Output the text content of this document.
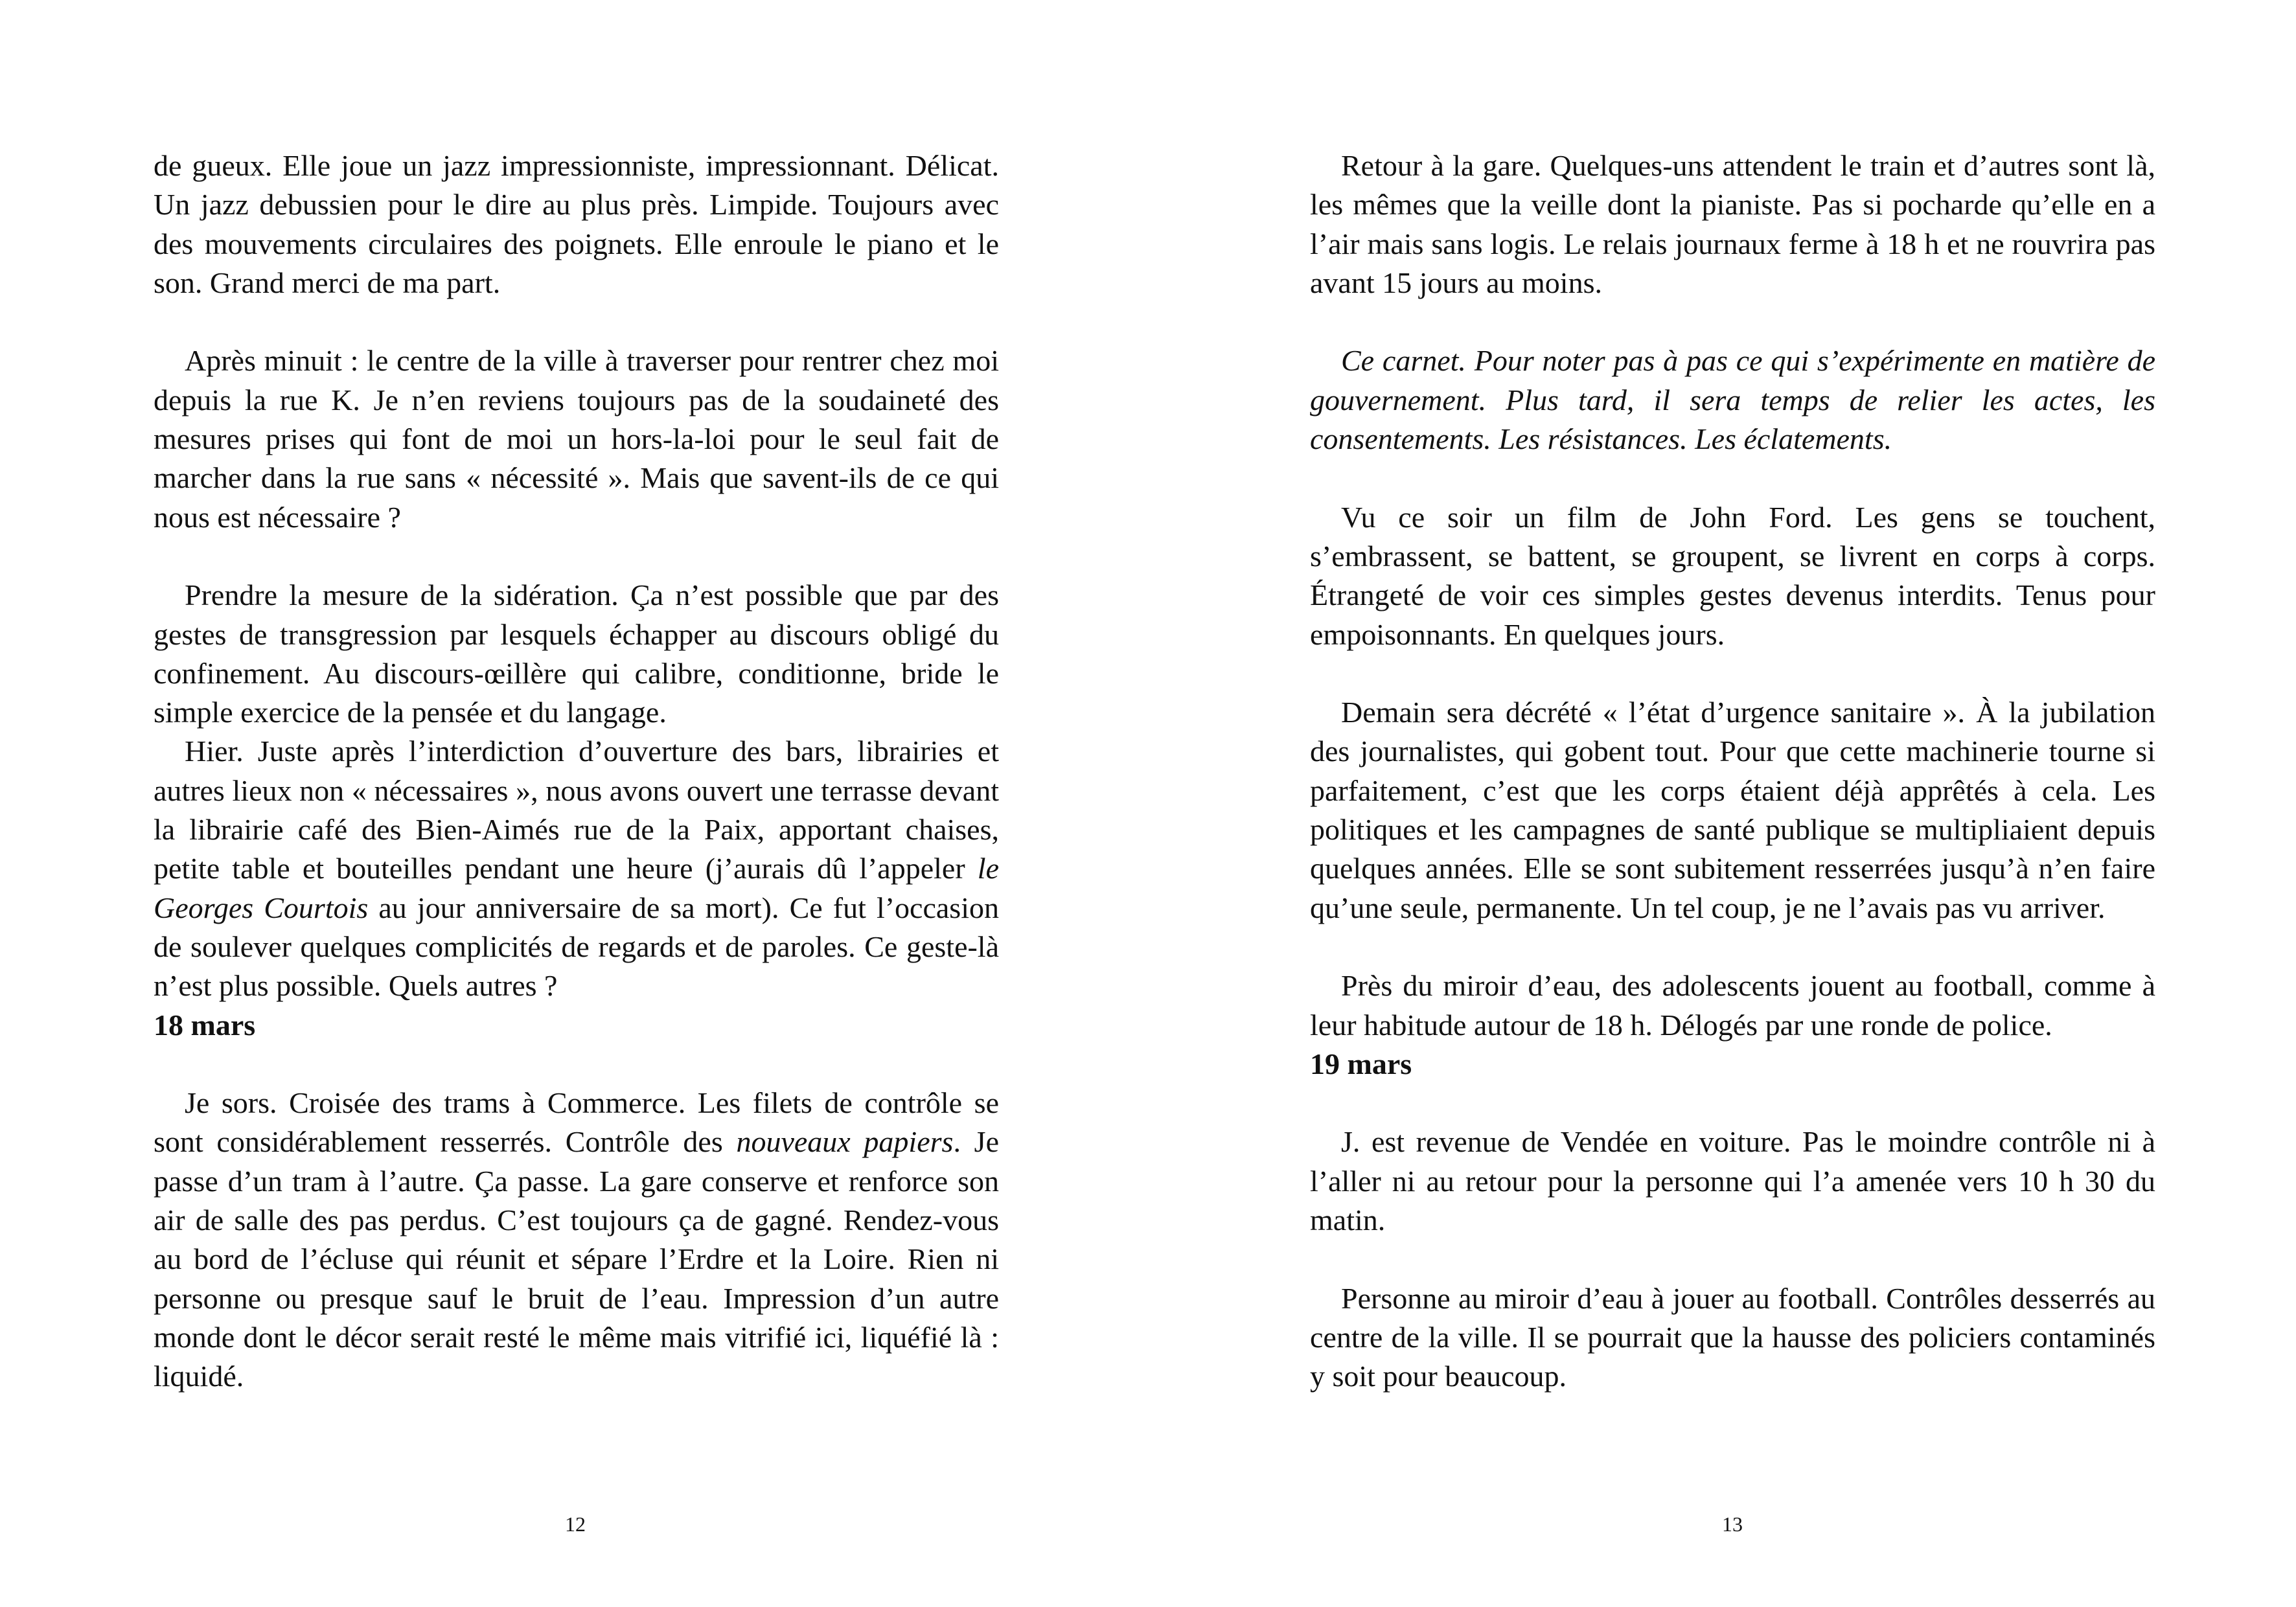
de gueux. Elle joue un jazz impressionniste, impressionnant. Délicat. Un jazz debussien pour le dire au plus près. Limpide. Toujours avec des mouvements circulaires des poignets. Elle enroule le piano et le son. Grand merci de ma part.

Après minuit : le centre de la ville à traverser pour rentrer chez moi depuis la rue K. Je n’en reviens toujours pas de la soudaineté des mesures prises qui font de moi un hors-la-loi pour le seul fait de marcher dans la rue sans « nécessité ». Mais que savent-ils de ce qui nous est nécessaire ?

Prendre la mesure de la sidération. Ça n’est possible que par des gestes de transgression par lesquels échapper au discours obligé du confinement. Au discours-œillère qui calibre, conditionne, bride le simple exercice de la pensée et du langage.

Hier. Juste après l’interdiction d’ouverture des bars, librairies et autres lieux non « nécessaires », nous avons ouvert une terrasse devant la librairie café des Bien-Aimés rue de la Paix, apportant chaises, petite table et bouteilles pendant une heure (j’aurais dû l’appeler le Georges Courtois au jour anniversaire de sa mort). Ce fut l’occasion de soulever quelques complicités de regards et de paroles. Ce geste-là n’est plus possible. Quels autres ?

18 mars

Je sors. Croisée des trams à Commerce. Les filets de contrôle se sont considérablement resserrés. Contrôle des nouveaux papiers. Je passe d’un tram à l’autre. Ça passe. La gare conserve et renforce son air de salle des pas perdus. C’est toujours ça de gagné. Rendez-vous au bord de l’écluse qui réunit et sépare l’Erdre et la Loire. Rien ni personne ou presque sauf le bruit de l’eau. Impression d’un autre monde dont le décor serait resté le même mais vitrifié ici, liquéfié là : liquidé.

12

Retour à la gare. Quelques-uns attendent le train et d’autres sont là, les mêmes que la veille dont la pianiste. Pas si pocharde qu’elle en a l’air mais sans logis. Le relais journaux ferme à 18 h et ne rouvrira pas avant 15 jours au moins.

Ce carnet. Pour noter pas à pas ce qui s’expérimente en matière de gouvernement. Plus tard, il sera temps de relier les actes, les consentements. Les résistances. Les éclatements.

Vu ce soir un film de John Ford. Les gens se touchent, s’embrassent, se battent, se groupent, se livrent en corps à corps. Étrangeté de voir ces simples gestes devenus interdits. Tenus pour empoisonnants. En quelques jours.

Demain sera décrété « l’état d’urgence sanitaire ». À la jubilation des journalistes, qui gobent tout. Pour que cette machinerie tourne si parfaitement, c’est que les corps étaient déjà apprêtés à cela. Les politiques et les campagnes de santé publique se multipliaient depuis quelques années. Elle se sont subitement resserrées jusqu’à n’en faire qu’une seule, permanente. Un tel coup, je ne l’avais pas vu arriver.

Près du miroir d’eau, des adolescents jouent au football, comme à leur habitude autour de 18 h. Délogés par une ronde de police.

19 mars

J. est revenue de Vendée en voiture. Pas le moindre contrôle ni à l’aller ni au retour pour la personne qui l’a amenée vers 10 h 30 du matin.

Personne au miroir d’eau à jouer au football. Contrôles desserrés au centre de la ville. Il se pourrait que la hausse des policiers contaminés y soit pour beaucoup.

13
